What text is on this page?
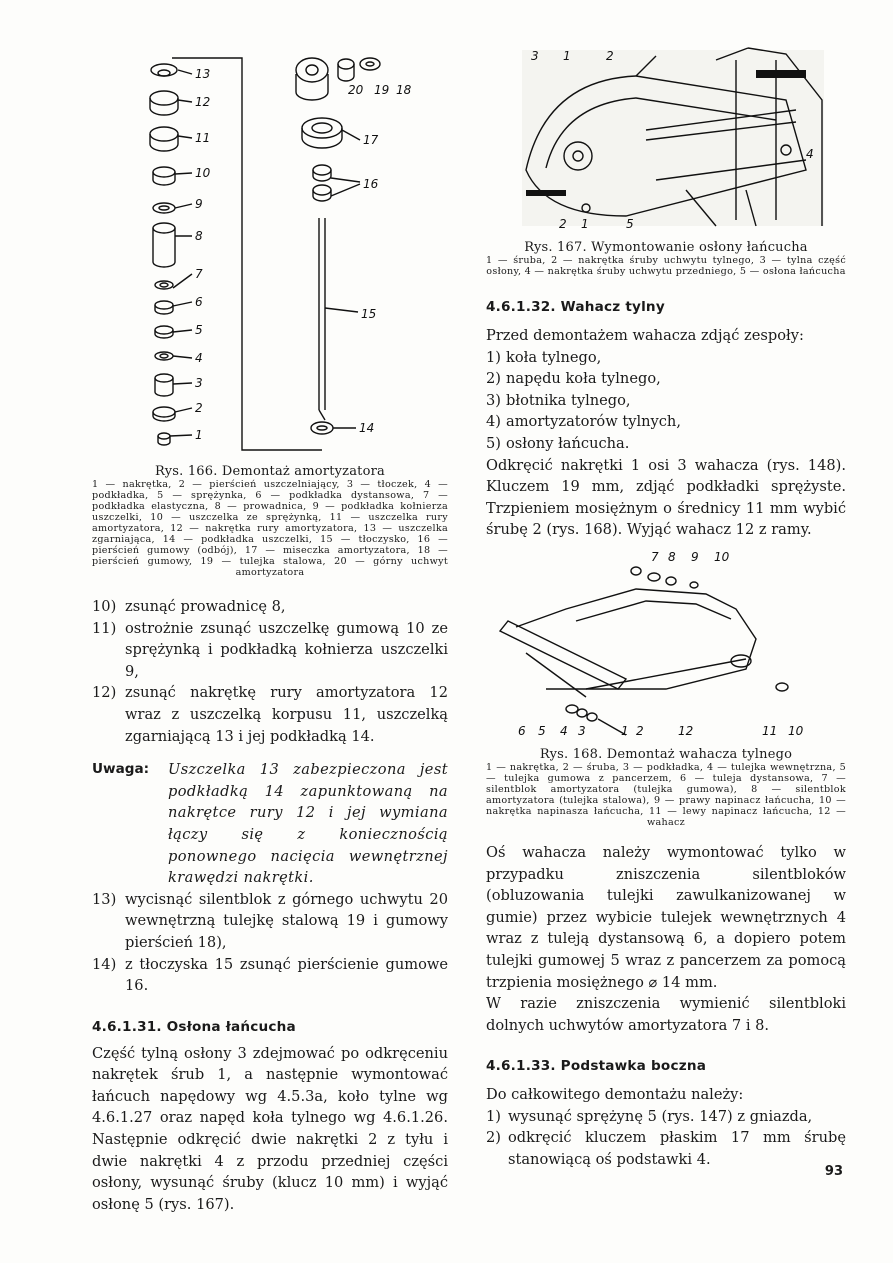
13
12
11
10
9
8
7
6
5
4
3
2
1
20 19 18
17
16
15
14
Rys. 166. Demontaż amortyzatora
1 — nakrętka, 2 — pierścień uszczelniający, 3 — tłoczek, 4 — podkładka, 5 — sprężynka, 6 — podkładka dystansowa, 7 — podkładka elastyczna, 8 — prowadnica, 9 — podkładka kołnierza uszczelki, 10 — uszczelka ze sprężynką, 11 — uszczelka rury amortyzatora, 12 — nakrętka rury amortyzatora, 13 — uszczelka zgarniająca, 14 — podkładka uszczelki, 15 — tłoczysko, 16 — pierścień gumowy (odbój), 17 — miseczka amortyzatora, 18 — pierścień gumowy, 19 — tulejka stalowa, 20 — górny uchwyt amortyzatora
10) zsunąć prowadnicę 8,
11) ostrożnie zsunąć uszczelkę gumową 10 ze sprężynką i podkładką kołnierza uszczelki 9,
12) zsunąć nakrętkę rury amortyzatora 12 wraz z uszczelką korpusu 11, uszczelką zgarniającą 13 i jej podkładką 14.
Uwaga:	Uszczelka 13 zabezpieczona jest podkładką 14 zapunktowaną na nakrętce rury 12 i jej wymiana łączy się z koniecznością ponownego nacięcia wewnętrznej krawędzi nakrętki.
13) wycisnąć silentblok z górnego uchwytu 20 wewnętrzną tulejkę stalową 19 i gumowy pierścień 18),
14) z tłoczyska 15 zsunąć pierścienie gumowe 16.
4.6.1.31. Osłona łańcucha

Część tylną osłony 3 zdejmować po odkręceniu nakrętek śrub 1, a następnie wymontować łańcuch napędowy wg 4.5.3a, koło tylne wg 4.6.1.27 oraz napęd koła tylnego wg 4.6.1.26. Następnie odkręcić dwie nakrętki 2 z tyłu i dwie nakrętki 4 z przodu przedniej części osłony, wysunąć śruby (klucz 10 mm) i wyjąć osłonę 5 (rys. 167).

3 1	2
2 1	5
4
Rys. 167. Wymontowanie osłony łańcucha
1 — śruba, 2 — nakrętka śruby uchwytu tylnego, 3 — tylna część osłony, 4 — nakrętka śruby uchwytu przedniego, 5 — osłona łańcucha
4.6.1.32. Wahacz tylny

Przed demontażem wahacza zdjąć zespoły:

1) koła tylnego,
2) napędu koła tylnego,
3) błotnika tylnego,
4) amortyzatorów tylnych,
5) osłony łańcucha.

Odkręcić nakrętki 1 osi 3 wahacza (rys. 148). Kluczem 19 mm, zdjąć podkładki sprężyste. Trzpieniem mosiężnym o średnicy 11 mm wybić śrubę 2 (rys. 168). Wyjąć wahacz 12 z ramy.

7 8 9 10
6 5 4 3	1 2	12	11 10
Rys. 168. Demontaż wahacza tylnego
1 — nakrętka, 2 — śruba, 3 — podkładka, 4 — tulejka wewnętrzna, 5 — tulejka gumowa z pancerzem, 6 — tuleja dystansowa, 7 — silentblok amortyzatora (tulejka gumowa), 8 — silentblok amortyzatora (tulejka stalowa), 9 — prawy napinacz łańcucha, 10 — nakrętka napinasza łańcucha, 11 — lewy napinacz łańcucha, 12 — wahacz

Oś wahacza należy wymontować tylko w przypadku zniszczenia silentbloków (obluzowania tulejki zawulkanizowanej w gumie) przez wybicie tulejek wewnętrznych 4 wraz z tuleją dystansową 6, a dopiero potem tulejki gumowej 5 wraz z pancerzem za pomocą trzpienia mosiężnego ⌀ 14 mm.

W razie zniszczenia wymienić silentbloki dolnych uchwytów amortyzatora 7 i 8.

4.6.1.33. Podstawka boczna

Do całkowitego demontażu należy:

1) wysunąć sprężynę 5 (rys. 147) z gniazda,
2) odkręcić kluczem płaskim 17 mm śrubę stanowiącą oś podstawki 4.
93
